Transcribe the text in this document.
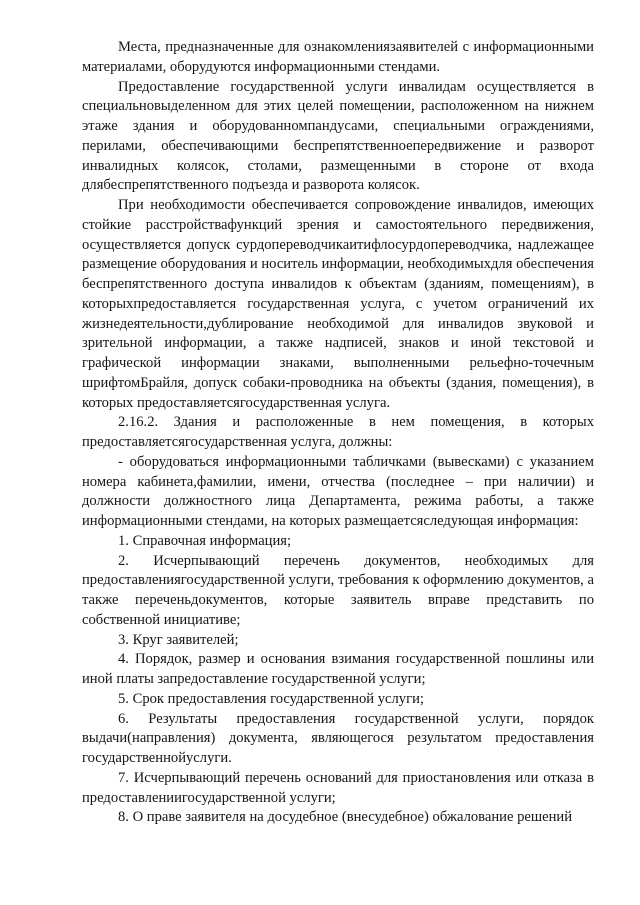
Места, предназначенные для ознакомлениязаявителей с информационными материалами, оборудуются информационными стендами.

Предоставление государственной услуги инвалидам осуществляется в специальновыделенном для этих целей помещении, расположенном на нижнем этаже здания и оборудованномпандусами, специальными ограждениями, перилами, обеспечивающими беспрепятственноепередвижение и разворот инвалидных колясок, столами, размещенными в стороне от входа длябеспрепятственного подъезда и разворота колясок.

При необходимости обеспечивается сопровождение инвалидов, имеющих стойкие расстройствафункций зрения и самостоятельного передвижения, осуществляется допуск сурдопереводчикаитифлосурдопереводчика, надлежащее размещение оборудования и носитель информации, необходимыхдля обеспечения беспрепятственного доступа инвалидов к объектам (зданиям, помещениям), в которыхпредоставляется государственная услуга, с учетом ограничений их жизнедеятельности,дублирование необходимой для инвалидов звуковой и зрительной информации, а также надписей, знаков и иной текстовой и графической информации знаками, выполненными рельефно-точечным шрифтомБрайля, допуск собаки-проводника на объекты (здания, помещения), в которых предоставляетсягосударственная услуга.

2.16.2. Здания и расположенные в нем помещения, в которых предоставляетсягосударственная услуга, должны:

- оборудоваться информационными табличками (вывесками) с указанием номера кабинета,фамилии, имени, отчества (последнее – при наличии) и должности должностного лица Департамента, режима работы, а также информационными стендами, на которых размещаетсяследующая информация:

1. Справочная информация;

2. Исчерпывающий перечень документов, необходимых для предоставлениягосударственной услуги, требования к оформлению документов, а также переченьдокументов, которые заявитель вправе представить по собственной инициативе;

3. Круг заявителей;

4. Порядок, размер и основания взимания государственной пошлины или иной платы запредоставление государственной услуги;

5. Срок предоставления государственной услуги;

6. Результаты предоставления государственной услуги, порядок выдачи(направления) документа, являющегося результатом предоставления государственнойуслуги.

7. Исчерпывающий перечень оснований для приостановления или отказа в предоставлениигосударственной услуги;

8. О праве заявителя на досудебное (внесудебное) обжалование решений
